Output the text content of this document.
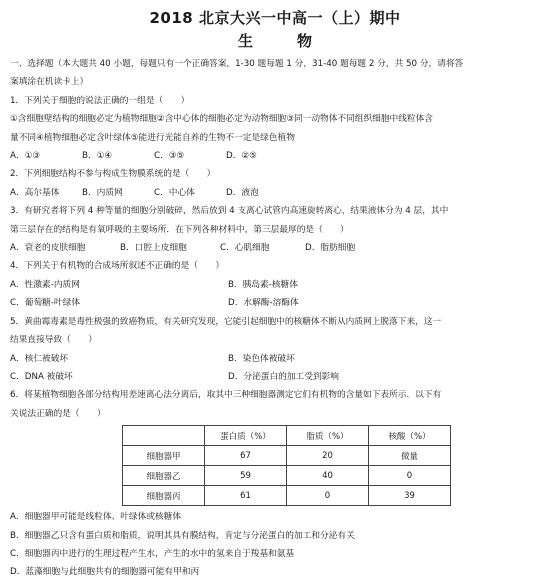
2018 北京大兴一中高一（上）期中
生	物
一、选择题（本大题共 40 小题，每题只有一个正确答案，1-30 题每题 1 分，31-40 题每题 2 分，共 50 分，请将答
案填涂在机读卡上）
1．下列关于细胞的说法正确的一组是（　　）
①含细胞壁结构的细胞必定为植物细胞②含中心体的细胞必定为动物细胞③同一动物体不同组织细胞中线粒体含
量不同④植物细胞必定含叶绿体⑤能进行光能自养的生物不一定是绿色植物
A．①③	B．①④	C．③⑤	D．②⑤
2．下列细胞结构不参与构成生物膜系统的是（　　）
A．高尔基体	B．内质网	C．中心体	D．液泡
3．有研究者将下列 4 种等量的细胞分别破碎，然后放到 4 支离心试管内高速旋转离心，结果液体分为 4 层，其中
第三层存在的结构是有氧呼吸的主要场所．在下列各种材料中，第三层最厚的是（　　）
A．衰老的皮肤细胞	B．口腔上皮细胞	C．心肌细胞	D．脂肪细胞
4．下列关于有机物的合成场所叙述不正确的是（　　）
A．性激素-内质网	B．胰岛素-核糖体
C．葡萄糖-叶绿体	D．水解酶-溶酶体
5．黄曲霉毒素是毒性极强的致癌物质，有关研究发现，它能引起细胞中的核糖体不断从内质网上脱落下来，这一
结果直接导致（　　）
A．核仁被破坏	B．染色体被破坏
C．DNA 被破坏	D．分泌蛋白的加工受到影响
6．将某植物细胞各部分结构用差速离心法分离后，取其中三种细胞器测定它们有机物的含量如下表所示．以下有
关说法正确的是（　　）
	蛋白质（%）	脂质（%）	核酸（%）
细胞器甲	67	20	微量
细胞器乙	59	40	0
细胞器丙	61	0	39
A．细胞器甲可能是线粒体、叶绿体或核糖体
B．细胞器乙只含有蛋白质和脂质，说明其具有膜结构，肯定与分泌蛋白的加工和分泌有关
C．细胞器丙中进行的生理过程产生水，产生的水中的氢来自于羧基和氨基
D．蓝藻细胞与此细胞共有的细胞器可能有甲和丙
